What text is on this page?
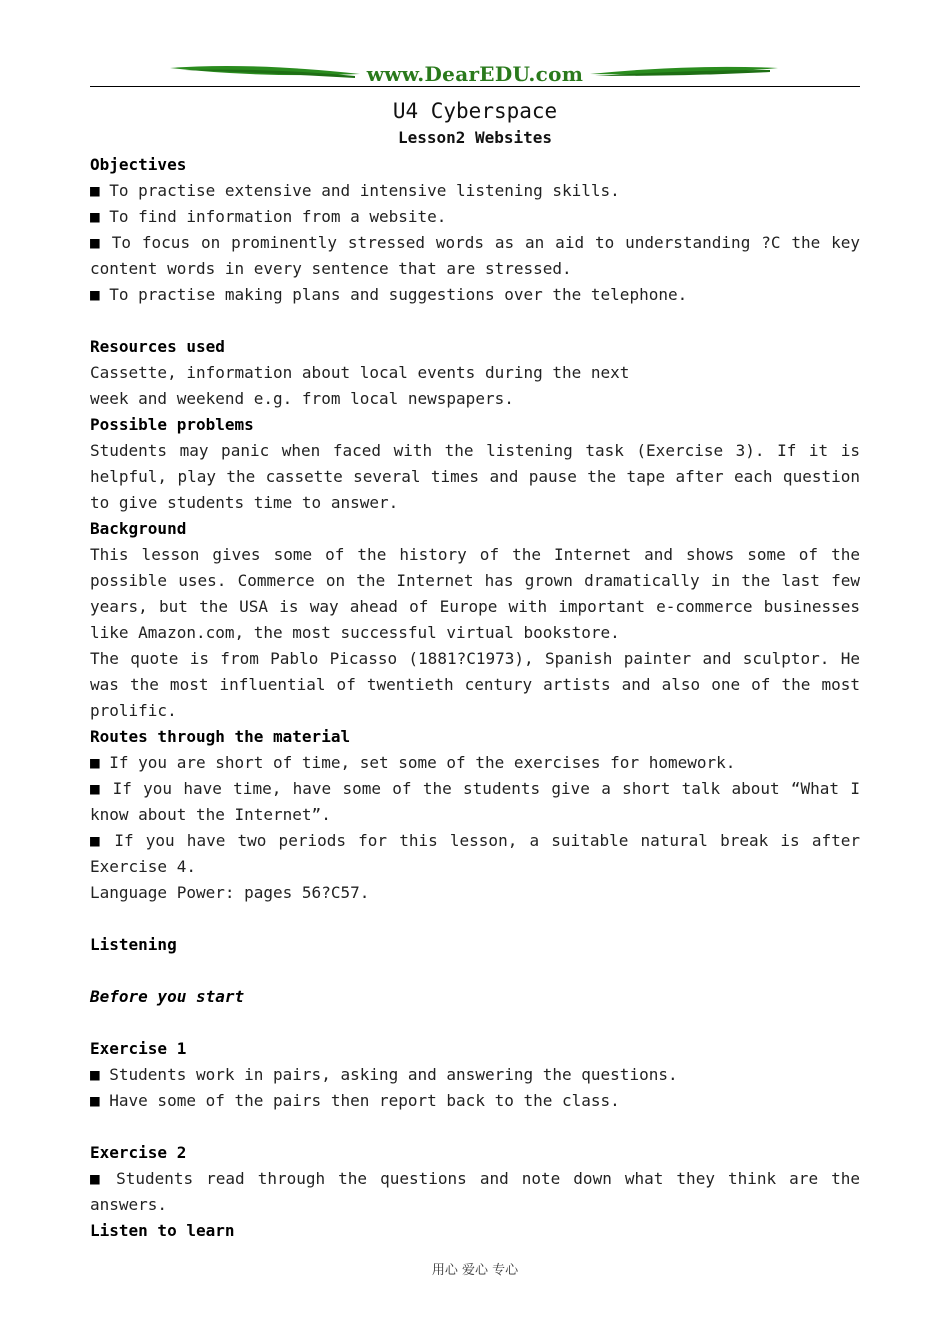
www.DearEDU.com
U4 Cyberspace
Lesson2 Websites
Objectives
■ To practise extensive and intensive listening skills.
■ To find information from a website.
■ To focus on prominently stressed words as an aid to understanding ?C the key content words in every sentence that are stressed.
■ To practise making plans and suggestions over the telephone.
Resources used
Cassette, information about local events during the next
week and weekend e.g. from local newspapers.
Possible problems
Students may panic when faced with the listening task (Exercise 3). If it is helpful, play the cassette several times and pause the tape after each question to give students time to answer.
Background
This lesson gives some of the history of the Internet and shows some of the possible uses. Commerce on the Internet has grown dramatically in the last few years, but the USA is way ahead of Europe with important e-commerce businesses like Amazon.com, the most successful virtual bookstore.
The quote is from Pablo Picasso (1881?C1973), Spanish painter and sculptor. He was the most influential of twentieth century artists and also one of the most prolific.
Routes through the material
■ If you are short of time, set some of the exercises for homework.
■ If you have time, have some of the students give a short talk about “What I know about the Internet”.
■ If you have two periods for this lesson, a suitable natural break is after Exercise 4.
Language Power: pages 56?C57.
Listening
Before you start
Exercise 1
■ Students work in pairs, asking and answering the questions.
■ Have some of the pairs then report back to the class.
Exercise 2
■ Students read through the questions and note down what they think are the answers.
Listen to learn
用心 爱心 专心
